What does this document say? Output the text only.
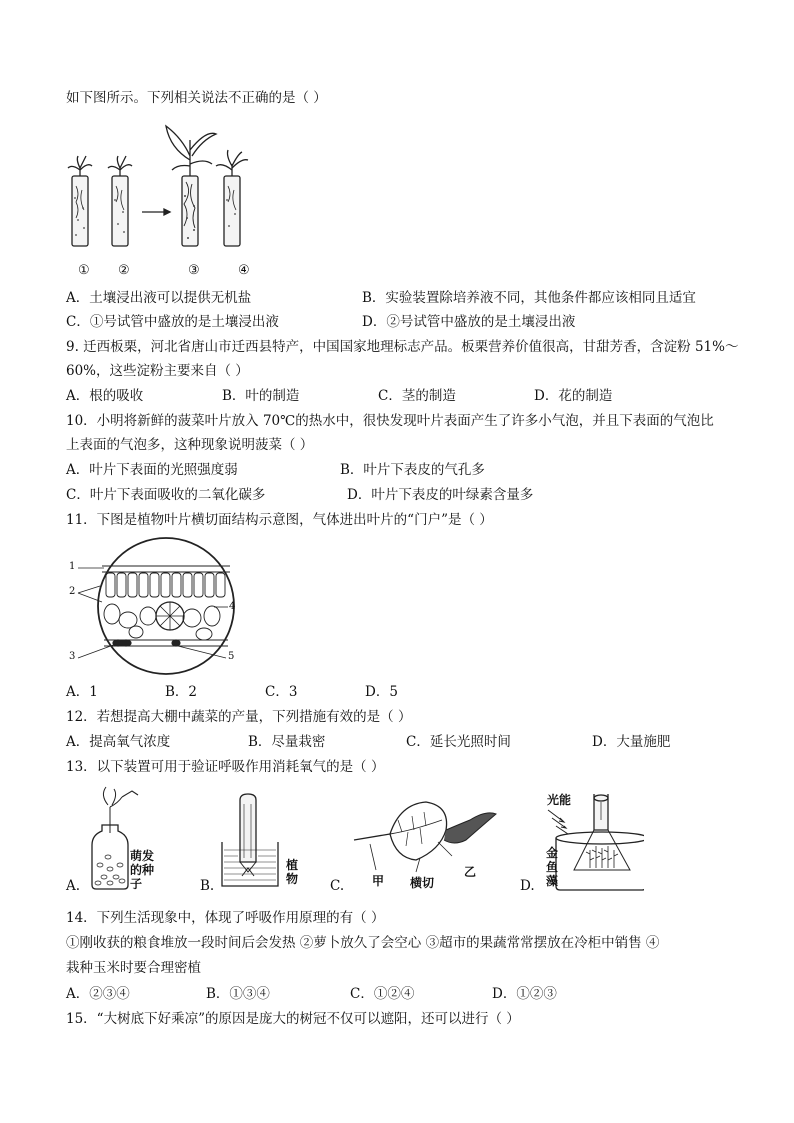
如下图所示。下列相关说法不正确的是（ ）
① ②	③	④
A．土壤浸出液可以提供无机盐	B．实验装置除培养液不同，其他条件都应该相同且适宜
C．①号试管中盛放的是土壤浸出液	D．②号试管中盛放的是土壤浸出液
9. 迁西板栗，河北省唐山市迁西县特产，中国国家地理标志产品。板栗营养价值很高，甘甜芳香，含淀粉 51%～
60%，这些淀粉主要来自（ ）
A．根的吸收	B．叶的制造	C．茎的制造	D．花的制造
10．小明将新鲜的菠菜叶片放入 70℃的热水中，很快发现叶片表面产生了许多小气泡，并且下表面的气泡比
上表面的气泡多，这种现象说明菠菜（ ）
A．叶片下表面的光照强度弱	B．叶片下表皮的气孔多
C．叶片下表面吸收的二氧化碳多	D．叶片下表皮的叶绿素含量多
11．下图是植物叶片横切面结构示意图，气体进出叶片的“门户”是（ ）
1
2
3
4
5
A．1	B．2	C．3	D．5
12．若想提高大棚中蔬菜的产量，下列措施有效的是（ ）
A．提高氧气浓度	B．尽量栽密	C．延长光照时间	D．大量施肥
13．以下装置可用于验证呼吸作用消耗氧气的是（ ）
萌发的种子
A.
植物
B.	甲 横切
乙
C.
光能
金鱼藻
D.
14．下列生活现象中，体现了呼吸作用原理的有（ ）
①刚收获的粮食堆放一段时间后会发热 ②萝卜放久了会空心 ③超市的果蔬常常摆放在冷柜中销售 ④
栽种玉米时要合理密植
A．②③④	B．①③④	C．①②④	D．①②③
15．“大树底下好乘凉”的原因是庞大的树冠不仅可以遮阳，还可以进行（ ）
